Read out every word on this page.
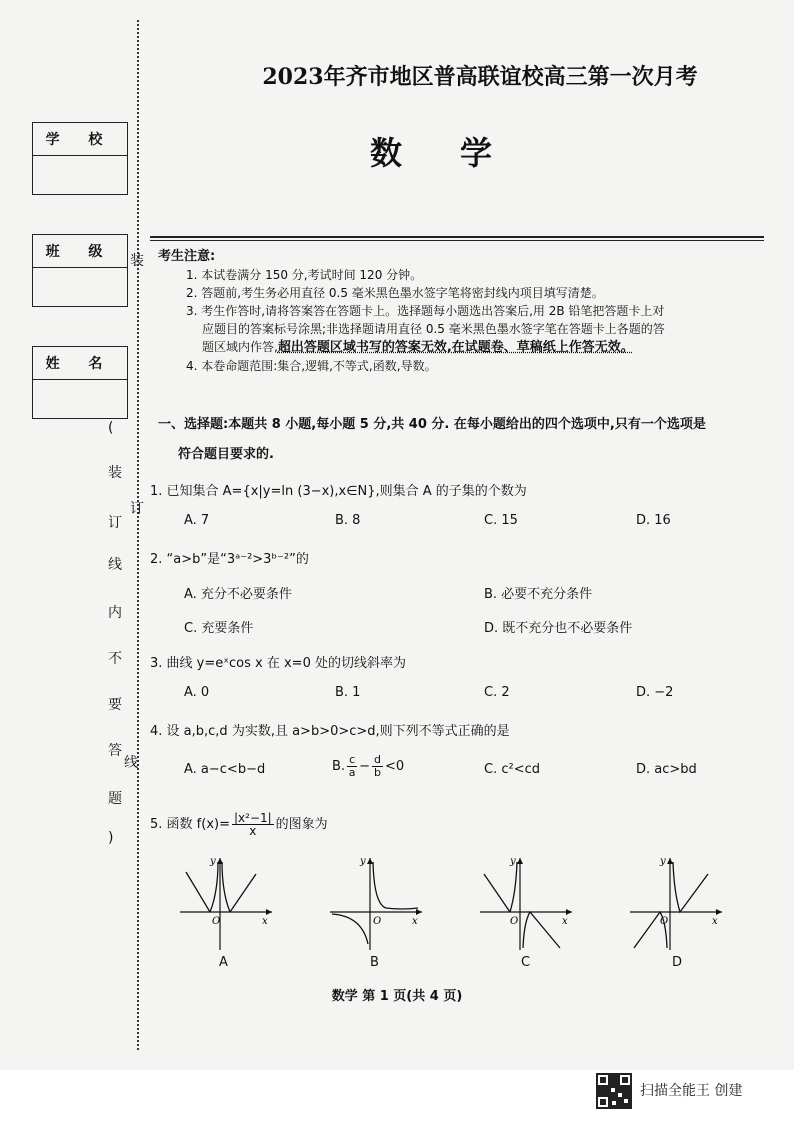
学 校
班 级
姓 名
装
订
线
(
装
订
线
内
不
要
答
题
)
2023年齐市地区普高联谊校高三第一次月考
数学
考生注意:
1. 本试卷满分 150 分,考试时间 120 分钟。
2. 答题前,考生务必用直径 0.5 毫米黑色墨水签字笔将密封线内项目填写清楚。
3. 考生作答时,请将答案答在答题卡上。选择题每小题选出答案后,用 2B 铅笔把答题卡上对
应题目的答案标号涂黑;非选择题请用直径 0.5 毫米黑色墨水签字笔在答题卡上各题的答
题区域内作答,超出答题区域书写的答案无效,在试题卷、草稿纸上作答无效。
4. 本卷命题范围:集合,逻辑,不等式,函数,导数。
一、选择题:本题共 8 小题,每小题 5 分,共 40 分. 在每小题给出的四个选项中,只有一个选项是
符合题目要求的.
1. 已知集合 A={x|y=ln (3−x),x∈N},则集合 A 的子集的个数为
A. 7	B. 8	C. 15	D. 16
2. “a>b”是“3ᵃ⁻²>3ᵇ⁻²”的
A. 充分不必要条件	B. 必要不充分条件
C. 充要条件	D. 既不充分也不必要条件
3. 曲线 y=eˣcos x 在 x=0 处的切线斜率为
A. 0	B. 1	C. 2	D. −2
4. 设 a,b,c,d 为实数,且 a>b>0>c>d,则下列不等式正确的是
A. a−c<b−d	B. $\frac{c}{a} - \frac{d}{b} <0$	C. c²<cd	D. ac>bd
5. 函数 $f(x)= \frac{\text{|x²−1|}}{x}$ 的图象为
O	x
y
A
O	x
y
B
O	x
y
C
O	x
y
D
数学 第 1 页(共 4 页)
扫描全能王 创建
